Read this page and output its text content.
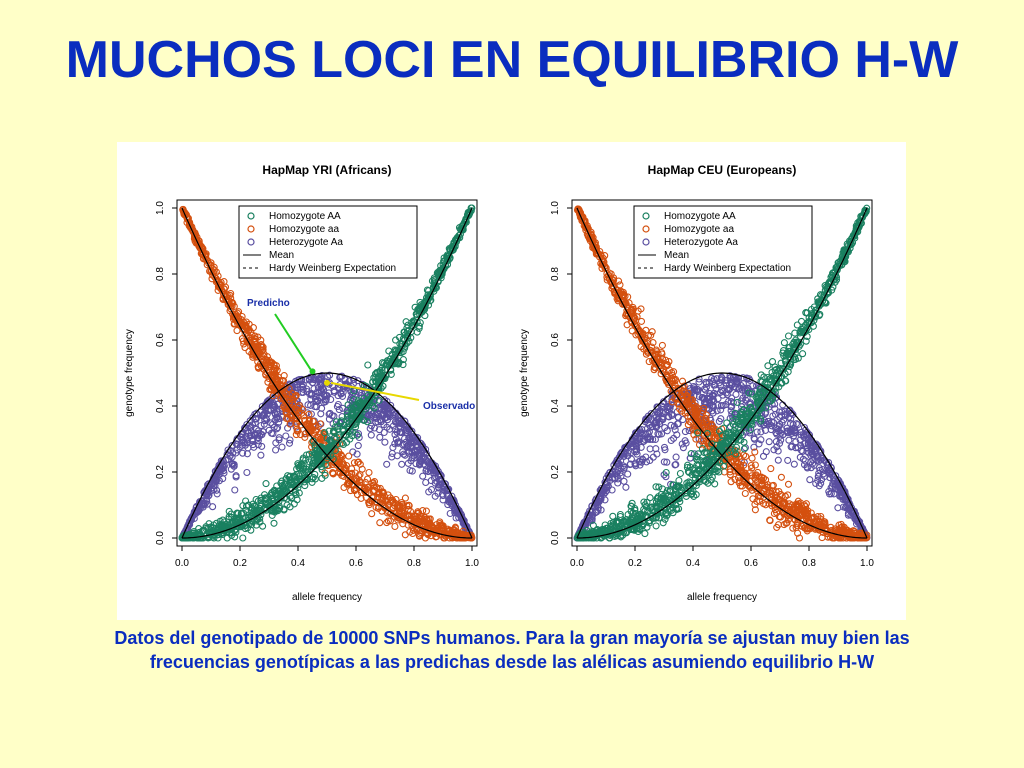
MUCHOS LOCI EN EQUILIBRIO H-W
HapMap YRI (Africans)
0.0	0.2	0.4	0.6	0.8	1.0
0.0
0.2
0.4
0.6
0.8
1.0
allele frequency
genotype frequency
Homozygote AA
Homozygote aa
Heterozygote Aa
Mean
Hardy Weinberg Expectation
HapMap CEU (Europeans)
0.0	0.2	0.4	0.6	0.8	1.0
0.0
0.2
0.4
0.6
0.8
1.0
allele frequency
genotype frequency
Homozygote AA
Homozygote aa
Heterozygote Aa
Mean
Hardy Weinberg Expectation
Predicho
Observado
Datos del genotipado de 10000 SNPs humanos. Para la gran mayoría se ajustan muy bien las
frecuencias genotípicas a las predichas desde las alélicas asumiendo equilibrio H-W
